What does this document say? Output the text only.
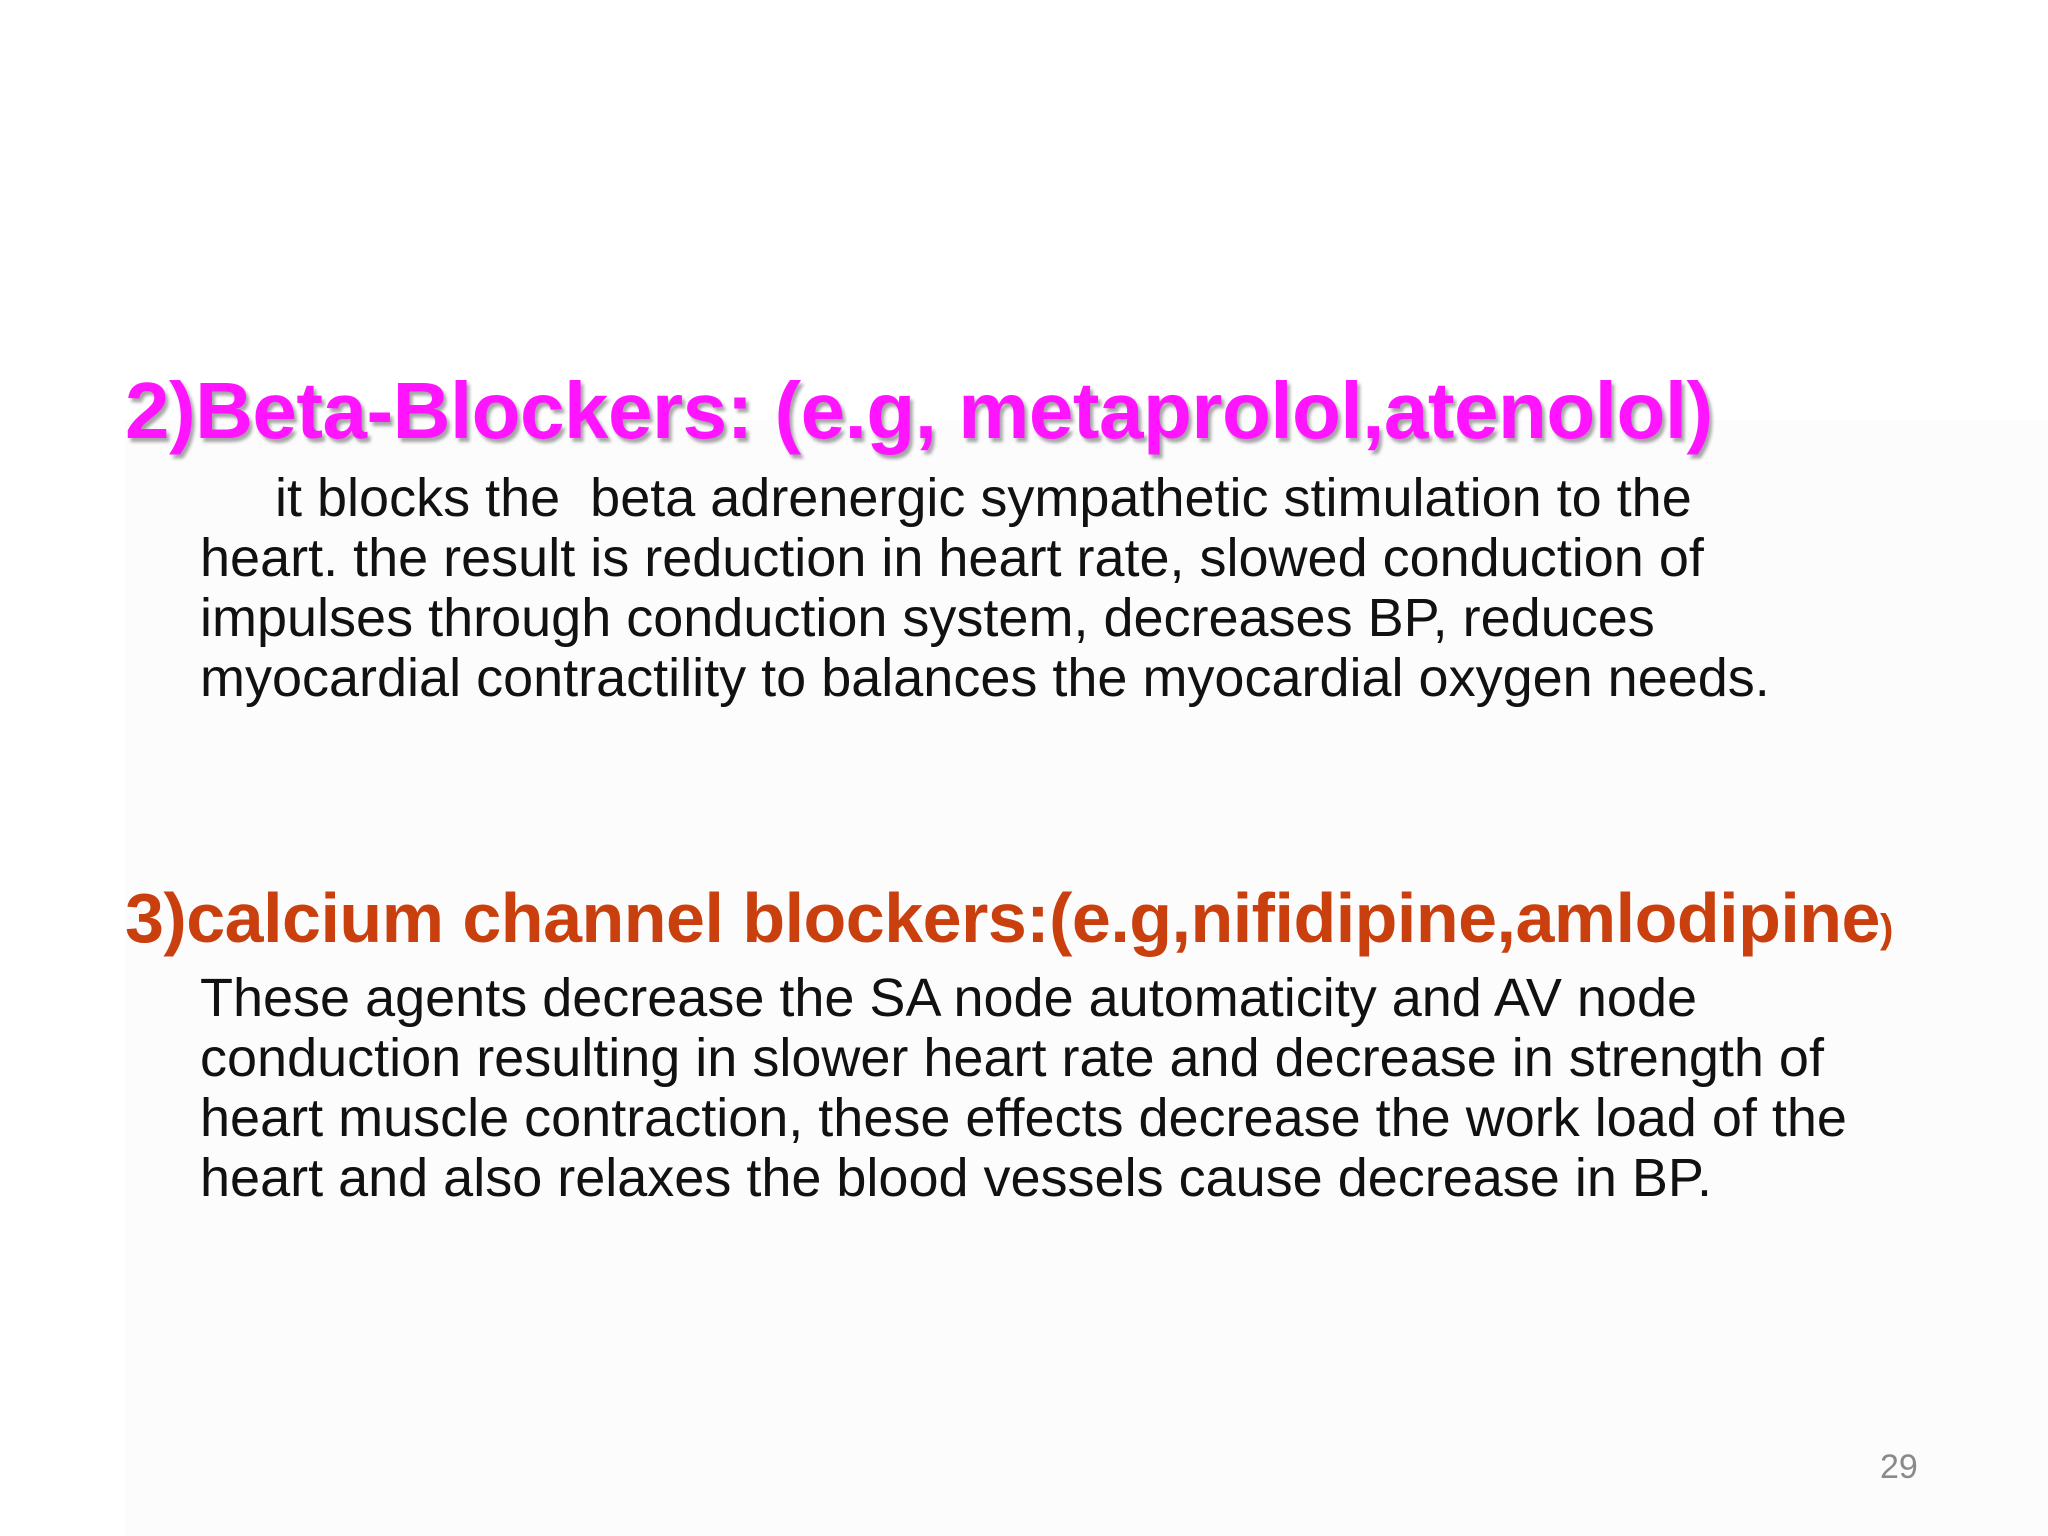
2)Beta-Blockers: (e.g, metaprolol,atenolol)

it blocks the  beta adrenergic sympathetic stimulation to the
heart. the result is reduction in heart rate, slowed conduction of
impulses through conduction system, decreases BP, reduces
myocardial contractility to balances the myocardial oxygen needs.

3)calcium channel blockers:(e.g,nifidipine,amlodipine)

These agents decrease the SA node automaticity and AV node
conduction resulting in slower heart rate and decrease in strength of
heart muscle contraction, these effects decrease the work load of the
heart and also relaxes the blood vessels cause decrease in BP.

29
